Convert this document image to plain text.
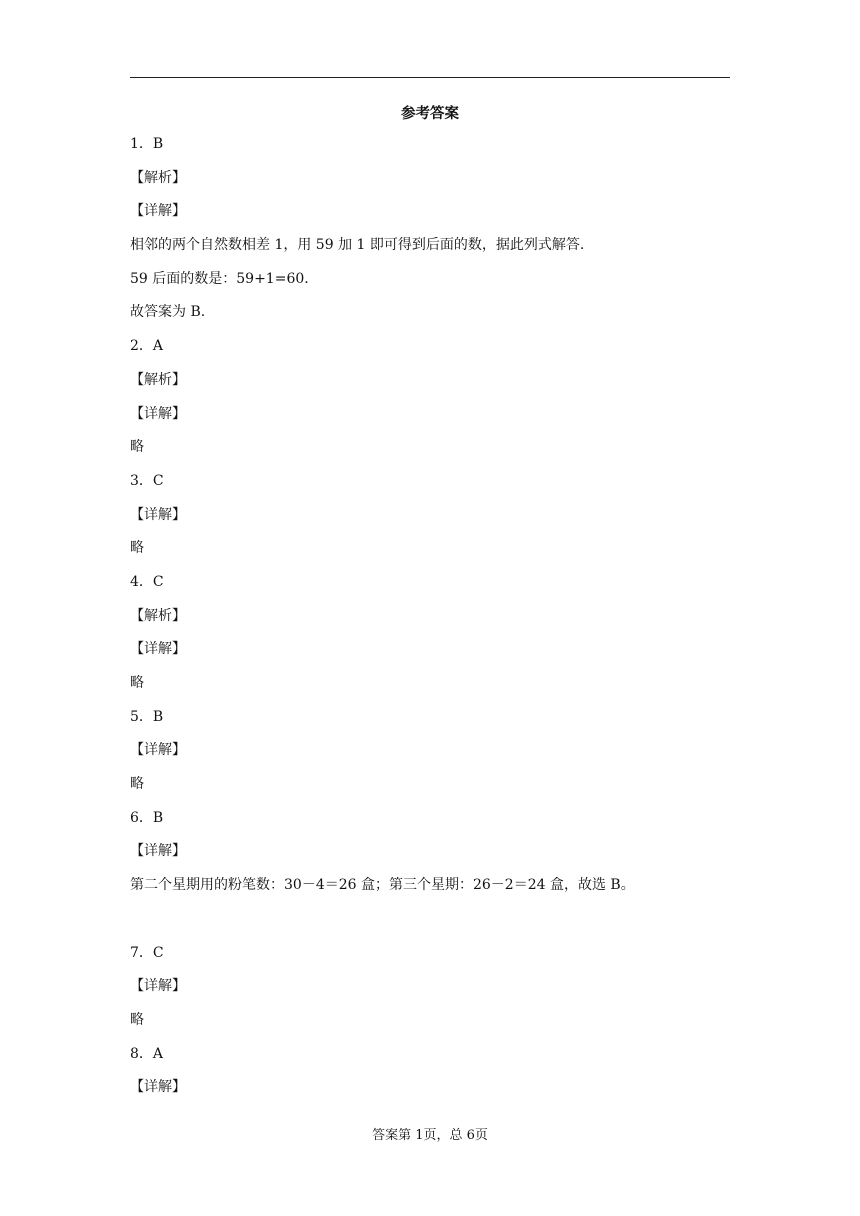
参考答案
1．B
【解析】
【详解】
相邻的两个自然数相差 1，用 59 加 1 即可得到后面的数，据此列式解答.
59 后面的数是：59+1=60.
故答案为 B.
2．A
【解析】
【详解】
略
3．C
【详解】
略
4．C
【解析】
【详解】
略
5．B
【详解】
略
6．B
【详解】
第二个星期用的粉笔数：30－4＝26 盒；第三个星期：26－2＝24 盒，故选 B。
7．C
【详解】
略
8．A
【详解】
答案第 1页，总 6页
